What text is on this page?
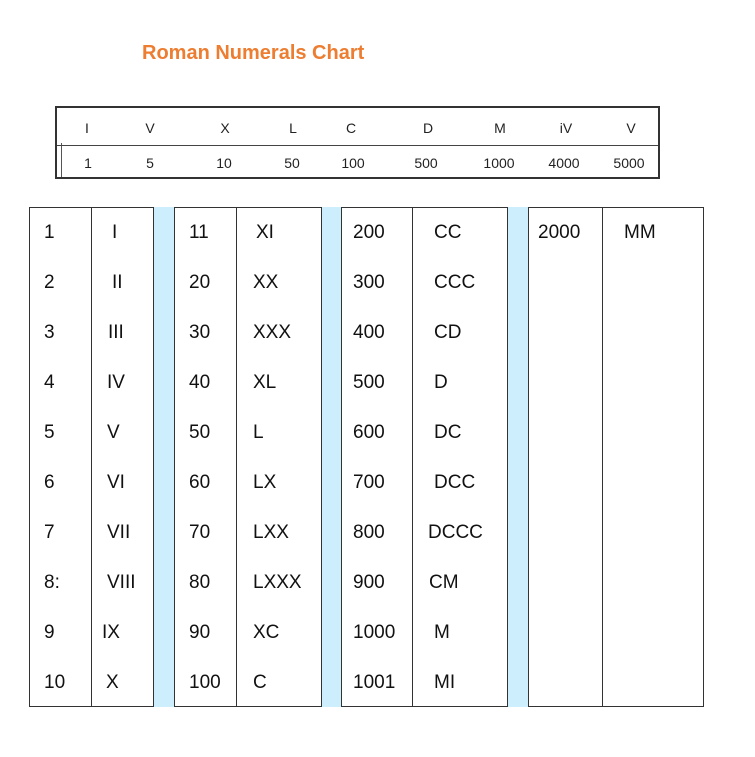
Roman Numerals Chart
I	V	X	L	C	D	M	iV	V
1	5	10	50	100	500	1000 4000 5000
1	I
2	II
3	III
4	IV
5	V
6	VI
7	VII
8: VIII
9 IX
10 X
11 XI
20 XX
30 XXX
40 XL
50 L
60 LX
70 LXX
80 LXXX
90 XC
100 C
200	CC
300	CCC
400	CD
500	D
600	DC
700	DCC
800 DCCC
900 CM
1000 M
1001 MI
2000 MM
